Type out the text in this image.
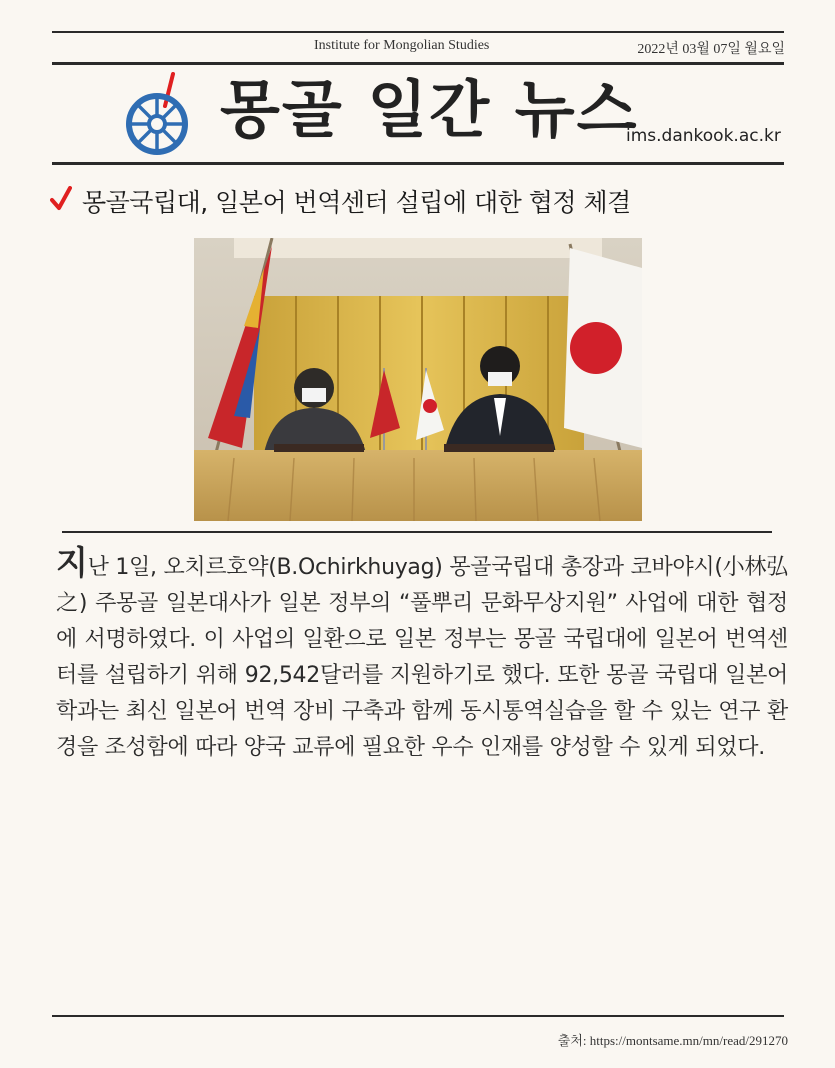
Institute for Mongolian Studies	2022년 03월 07일 월요일
몽골 일간 뉴스
ims.dankook.ac.kr
몽골국립대, 일본어 번역센터 설립에 대한 협정 체결
지난 1일, 오치르호약(B.Ochirkhuyag) 몽골국립대 총장과 코바야시(小林弘之) 주몽골 일본대사가 일본 정부의 “풀뿌리 문화무상지원” 사업에 대한 협정에 서명하였다. 이 사업의 일환으로 일본 정부는 몽골 국립대에 일본어 번역센터를 설립하기 위해 92,542달러를 지원하기로 했다. 또한 몽골 국립대 일본어학과는 최신 일본어 번역 장비 구축과 함께 동시통역실습을 할 수 있는 연구 환경을 조성함에 따라 양국 교류에 필요한 우수 인재를 양성할 수 있게 되었다.
출처: https://montsame.mn/mn/read/291270
